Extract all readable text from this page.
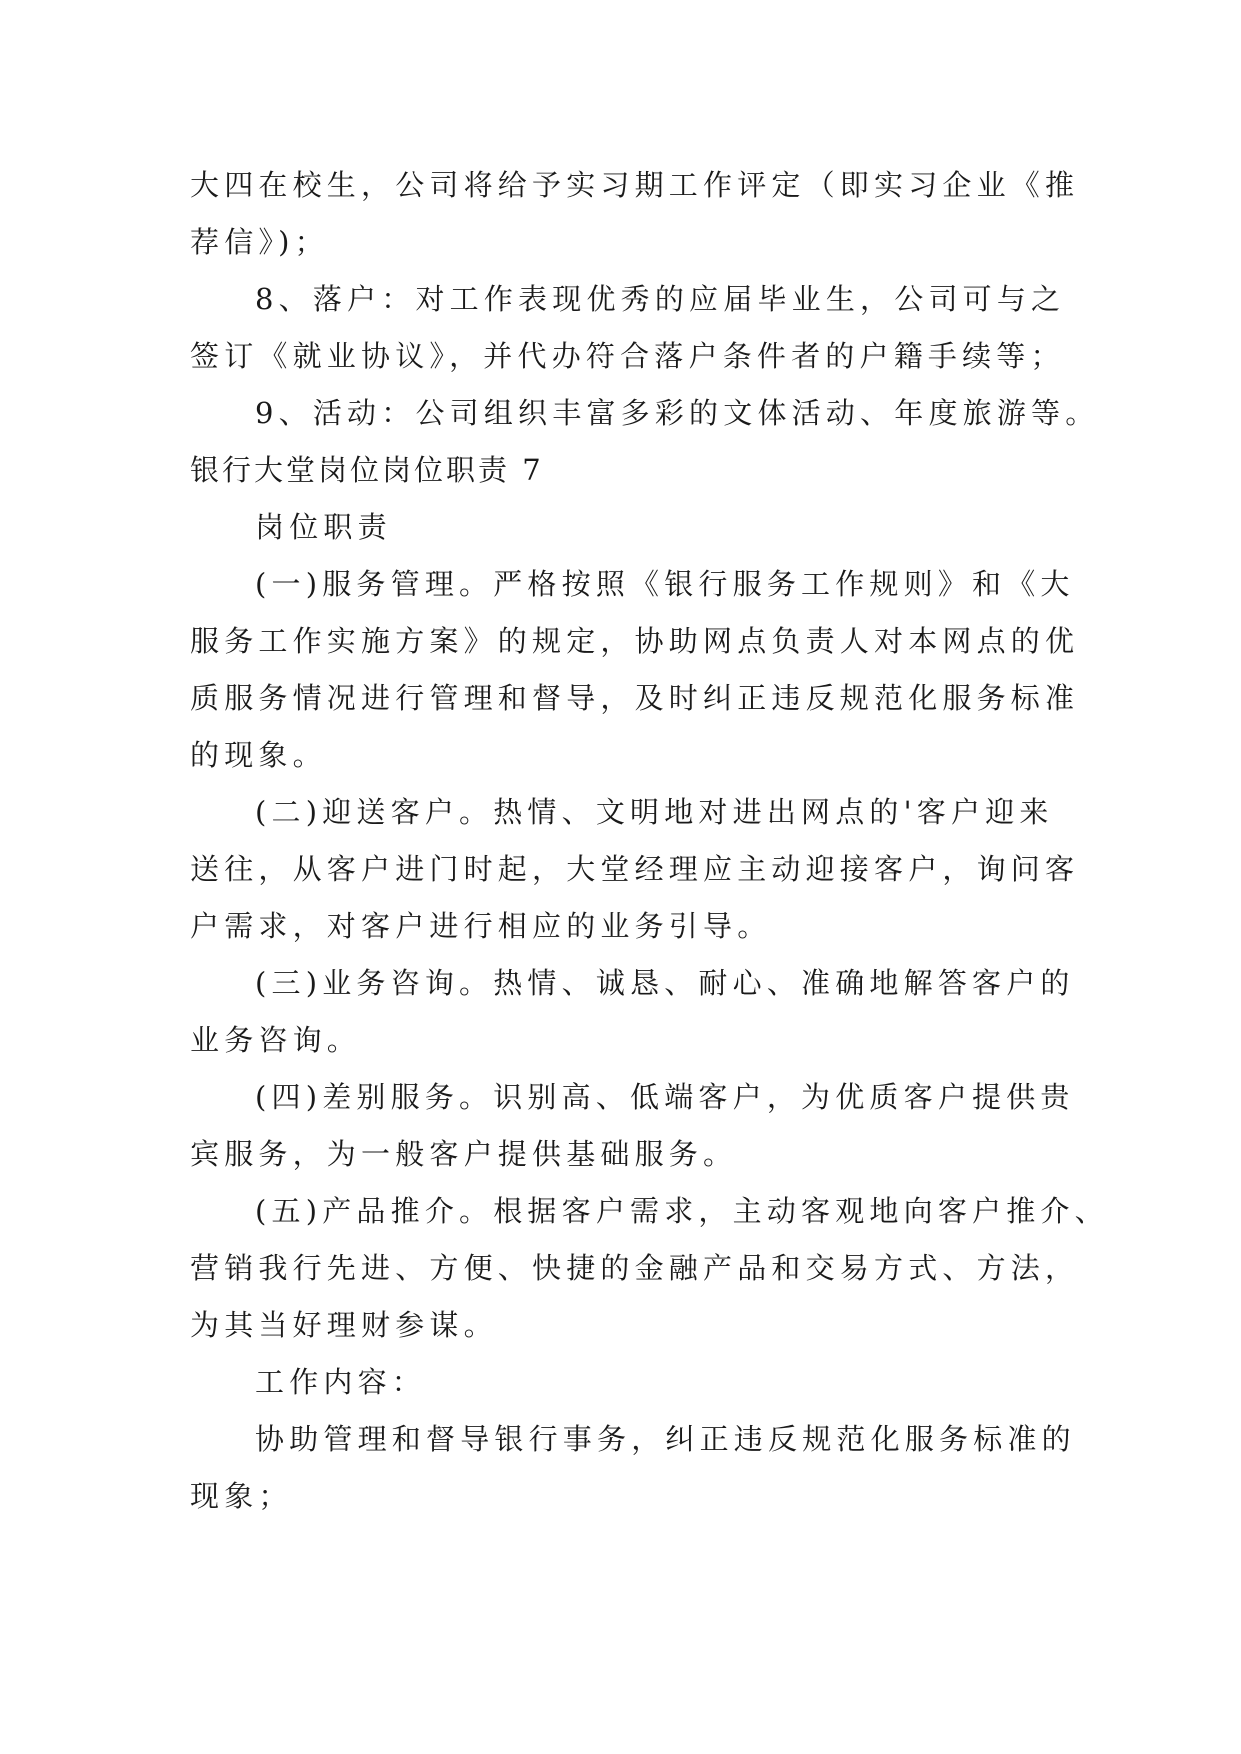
大四在校生，公司将给予实习期工作评定（即实习企业《推
荐信》)；
8、落户：对工作表现优秀的应届毕业生，公司可与之
签订《就业协议》，并代办符合落户条件者的户籍手续等；
9、活动：公司组织丰富多彩的文体活动、年度旅游等。
银行大堂岗位岗位职责 7
岗位职责
(一)服务管理。严格按照《银行服务工作规则》和《大
服务工作实施方案》的规定，协助网点负责人对本网点的优
质服务情况进行管理和督导，及时纠正违反规范化服务标准
的现象。
(二)迎送客户。热情、文明地对进出网点的'客户迎来
送往，从客户进门时起，大堂经理应主动迎接客户，询问客
户需求，对客户进行相应的业务引导。
(三)业务咨询。热情、诚恳、耐心、准确地解答客户的
业务咨询。
(四)差别服务。识别高、低端客户，为优质客户提供贵
宾服务，为一般客户提供基础服务。
(五)产品推介。根据客户需求，主动客观地向客户推介、
营销我行先进、方便、快捷的金融产品和交易方式、方法，
为其当好理财参谋。
工作内容：
协助管理和督导银行事务，纠正违反规范化服务标准的
现象；
